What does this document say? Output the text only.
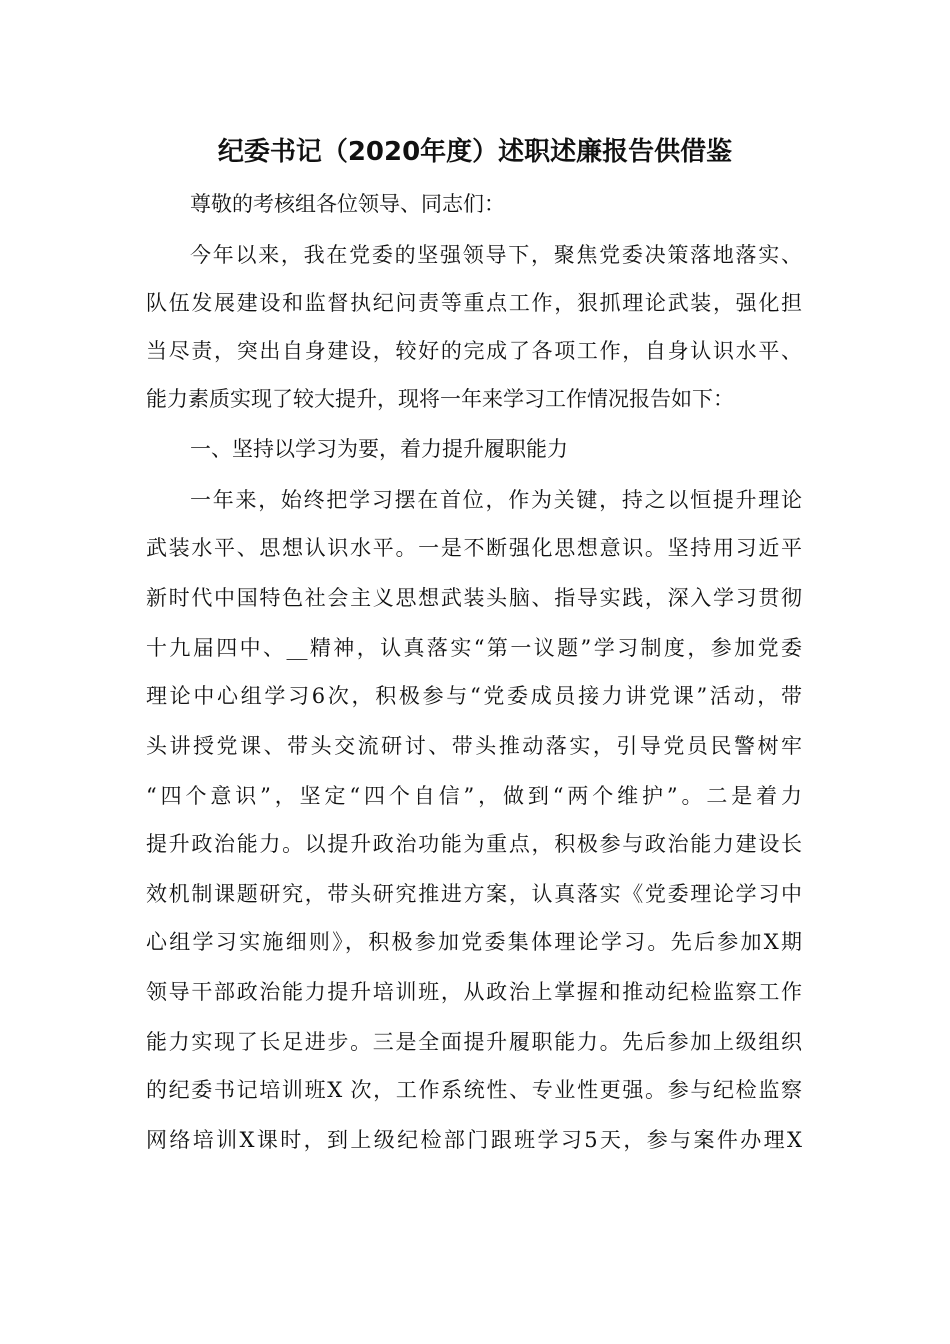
纪委书记（2020年度）述职述廉报告供借鉴
尊敬的考核组各位领导、同志们：
今年以来，我在党委的坚强领导下，聚焦党委决策落地落实、
队伍发展建设和监督执纪问责等重点工作，狠抓理论武装，强化担
当尽责，突出自身建设，较好的完成了各项工作，自身认识水平、
能力素质实现了较大提升，现将一年来学习工作情况报告如下：
一、坚持以学习为要，着力提升履职能力
一年来，始终把学习摆在首位，作为关键，持之以恒提升理论
武装水平、思想认识水平。一是不断强化思想意识。坚持用习近平
新时代中国特色社会主义思想武装头脑、指导实践，深入学习贯彻
十九届四中、__精神，认真落实“第一议题”学习制度，参加党委
理论中心组学习6次，积极参与“党委成员接力讲党课”活动，带
头讲授党课、带头交流研讨、带头推动落实，引导党员民警树牢
“四个意识”，坚定“四个自信”，做到“两个维护”。二是着力
提升政治能力。以提升政治功能为重点，积极参与政治能力建设长
效机制课题研究，带头研究推进方案，认真落实《党委理论学习中
心组学习实施细则》，积极参加党委集体理论学习。先后参加X期
领导干部政治能力提升培训班，从政治上掌握和推动纪检监察工作
能力实现了长足进步。三是全面提升履职能力。先后参加上级组织
的纪委书记培训班X 次，工作系统性、专业性更强。参与纪检监察
网络培训X课时，到上级纪检部门跟班学习5天，参与案件办理X
